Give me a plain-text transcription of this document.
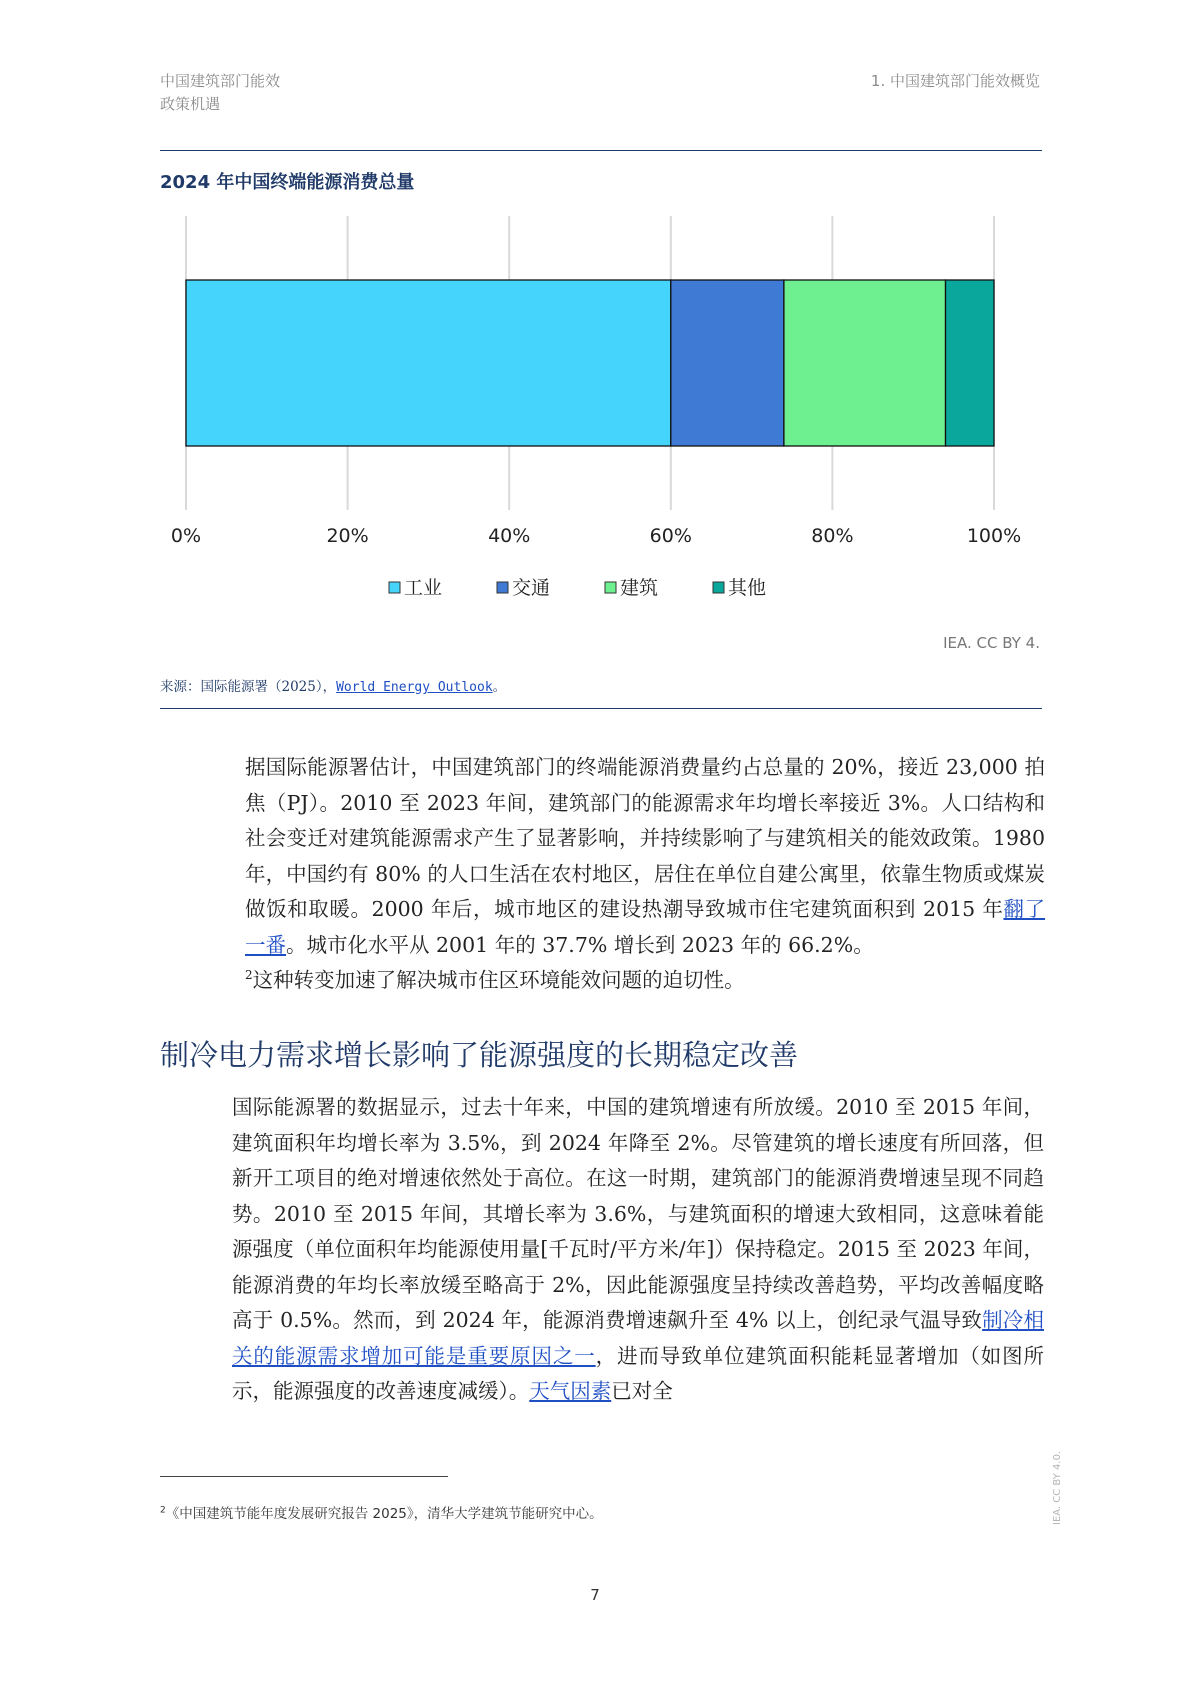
中国建筑部门能效
政策机遇
1. 中国建筑部门能效概览
2024 年中国终端能源消费总量
0%	20%	40%	60%	80%	100%
工业	交通	建筑	其他
IEA. CC BY 4.
来源：国际能源署（2025），World Energy Outlook。

据国际能源署估计，中国建筑部门的终端能源消费量约占总量的 20%，接近 23,000 拍焦（PJ）。2010 至 2023 年间，建筑部门的能源需求年均增长率接近 3%。人口结构和社会变迁对建筑能源需求产生了显著影响，并持续影响了与建筑相关的能效政策。1980 年，中国约有 80% 的人口生活在农村地区，居住在单位自建公寓里，依靠生物质或煤炭做饭和取暖。2000 年后，城市地区的建设热潮导致城市住宅建筑面积到 2015 年翻了一番。城市化水平从 2001 年的 37.7% 增长到 2023 年的 66.2%。
$^2$这种转变加速了解决城市住区环境能效问题的迫切性。

制冷电力需求增长影响了能源强度的长期稳定改善

国际能源署的数据显示，过去十年来，中国的建筑增速有所放缓。2010 至 2015 年间，建筑面积年均增长率为 3.5%，到 2024 年降至 2%。尽管建筑的增长速度有所回落，但新开工项目的绝对增速依然处于高位。在这一时期，建筑部门的能源消费增速呈现不同趋势。2010 至 2015 年间，其增长率为 3.6%，与建筑面积的增速大致相同，这意味着能源强度（单位面积年均能源使用量[千瓦时/平方米/年]）保持稳定。2015 至 2023 年间，能源消费的年均长率放缓至略高于 2%，因此能源强度呈持续改善趋势，平均改善幅度略高于 0.5%。然而，到 2024 年，能源消费增速飙升至 4% 以上，创纪录气温导致制冷相关的能源需求增加可能是重要原因之一，进而导致单位建筑面积能耗显著增加（如图所示，能源强度的改善速度减缓）。天气因素已对全

$^2$《中国建筑节能年度发展研究报告 2025》，清华大学建筑节能研究中心。
7
IEA. CC BY 4.0.
